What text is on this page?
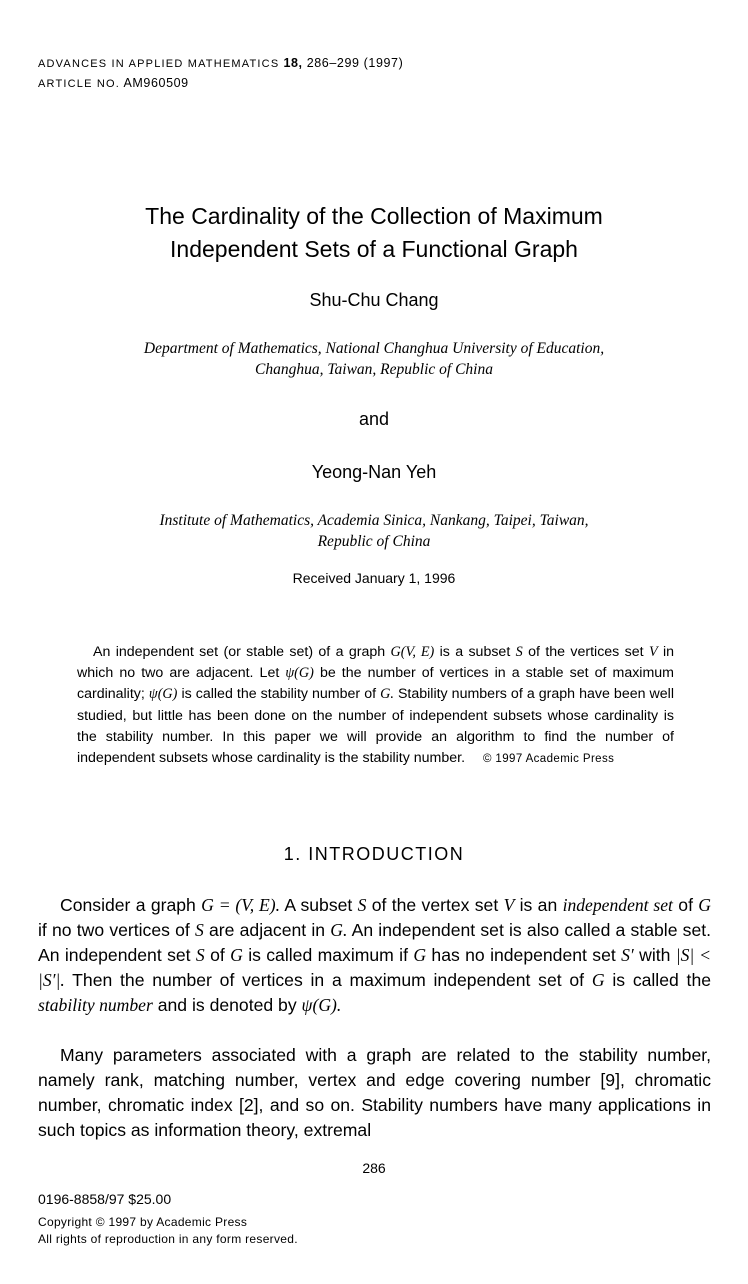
ADVANCES IN APPLIED MATHEMATICS 18, 286–299 (1997)
ARTICLE NO. AM960509
The Cardinality of the Collection of Maximum
Independent Sets of a Functional Graph
Shu-Chu Chang
Department of Mathematics, National Changhua University of Education,
Changhua, Taiwan, Republic of China
and
Yeong-Nan Yeh
Institute of Mathematics, Academia Sinica, Nankang, Taipei, Taiwan,
Republic of China
Received January 1, 1996
An independent set (or stable set) of a graph G(V, E) is a subset S of the vertices set V in which no two are adjacent. Let ψ(G) be the number of vertices in a stable set of maximum cardinality; ψ(G) is called the stability number of G. Stability numbers of a graph have been well studied, but little has been done on the number of independent subsets whose cardinality is the stability number. In this paper we will provide an algorithm to find the number of independent subsets whose cardinality is the stability number. © 1997 Academic Press
1. INTRODUCTION

Consider a graph G = (V, E). A subset S of the vertex set V is an independent set of G if no two vertices of S are adjacent in G. An independent set is also called a stable set. An independent set S of G is called maximum if G has no independent set S′ with |S| < |S′|. Then the number of vertices in a maximum independent set of G is called the stability number and is denoted by ψ(G).

Many parameters associated with a graph are related to the stability number, namely rank, matching number, vertex and edge covering number [9], chromatic number, chromatic index [2], and so on. Stability numbers have many applications in such topics as information theory, extremal

286
0196-8858/97 $25.00
Copyright © 1997 by Academic Press
All rights of reproduction in any form reserved.
